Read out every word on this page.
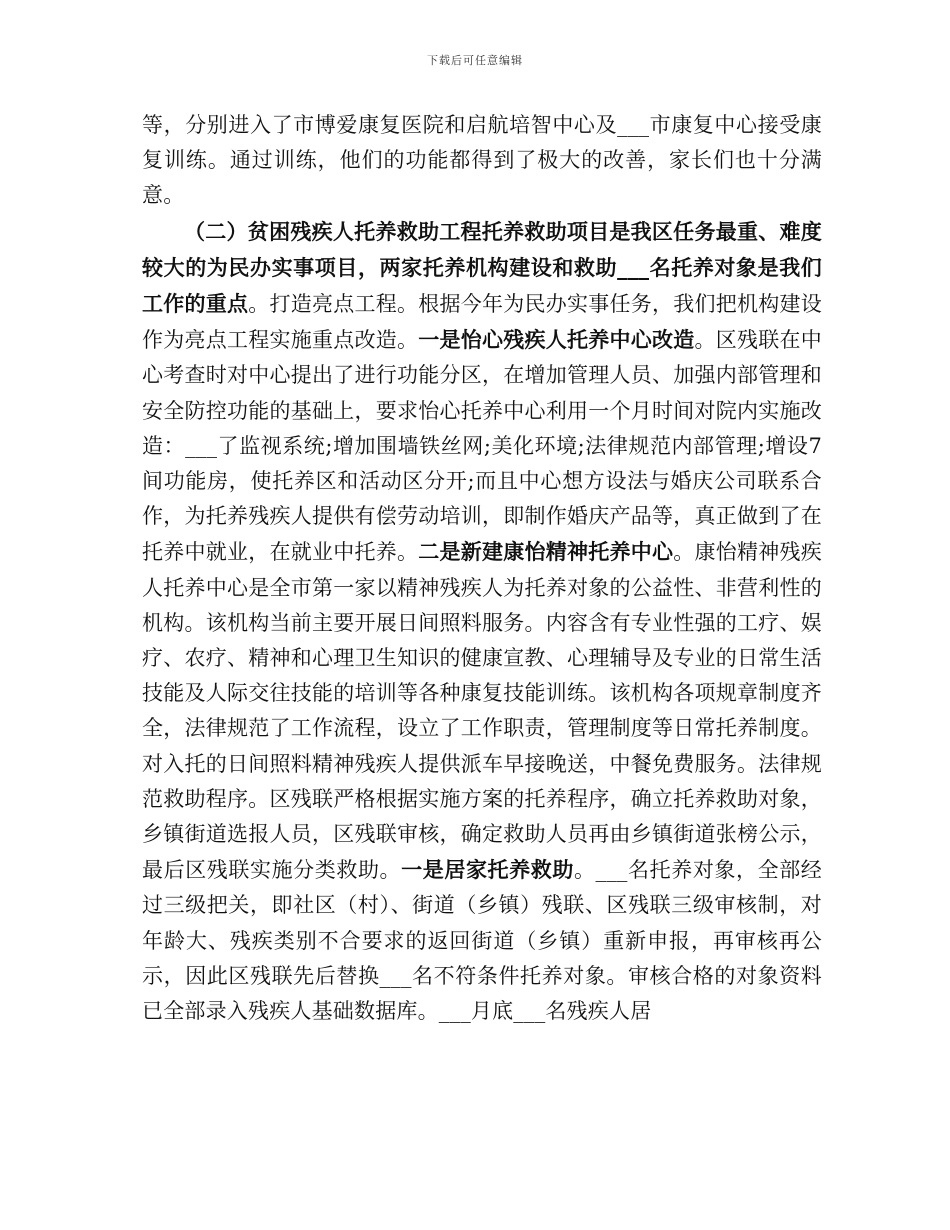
下载后可任意编辑

等，分别进入了市博爱康复医院和启航培智中心及___市康复中心接受康复训练。通过训练，他们的功能都得到了极大的改善，家长们也十分满意。

（二）贫困残疾人托养救助工程托养救助项目是我区任务最重、难度较大的为民办实事项目，两家托养机构建设和救助___名托养对象是我们工作的重点。打造亮点工程。根据今年为民办实事任务，我们把机构建设作为亮点工程实施重点改造。一是怡心残疾人托养中心改造。区残联在中心考查时对中心提出了进行功能分区，在增加管理人员、加强内部管理和安全防控功能的基础上，要求怡心托养中心利用一个月时间对院内实施改造：___了监视系统;增加围墙铁丝网;美化环境;法律规范内部管理;增设7间功能房，使托养区和活动区分开;而且中心想方设法与婚庆公司联系合作，为托养残疾人提供有偿劳动培训，即制作婚庆产品等，真正做到了在托养中就业，在就业中托养。二是新建康怡精神托养中心。康怡精神残疾人托养中心是全市第一家以精神残疾人为托养对象的公益性、非营利性的机构。该机构当前主要开展日间照料服务。内容含有专业性强的工疗、娱疗、农疗、精神和心理卫生知识的健康宣教、心理辅导及专业的日常生活技能及人际交往技能的培训等各种康复技能训练。该机构各项规章制度齐全，法律规范了工作流程，设立了工作职责，管理制度等日常托养制度。对入托的日间照料精神残疾人提供派车早接晚送，中餐免费服务。法律规范救助程序。区残联严格根据实施方案的托养程序，确立托养救助对象，乡镇街道选报人员，区残联审核，确定救助人员再由乡镇街道张榜公示，最后区残联实施分类救助。一是居家托养救助。___名托养对象，全部经过三级把关，即社区（村）、街道（乡镇）残联、区残联三级审核制，对年龄大、残疾类别不合要求的返回街道（乡镇）重新申报，再审核再公示，因此区残联先后替换___名不符条件托养对象。审核合格的对象资料已全部录入残疾人基础数据库。___月底___名残疾人居
